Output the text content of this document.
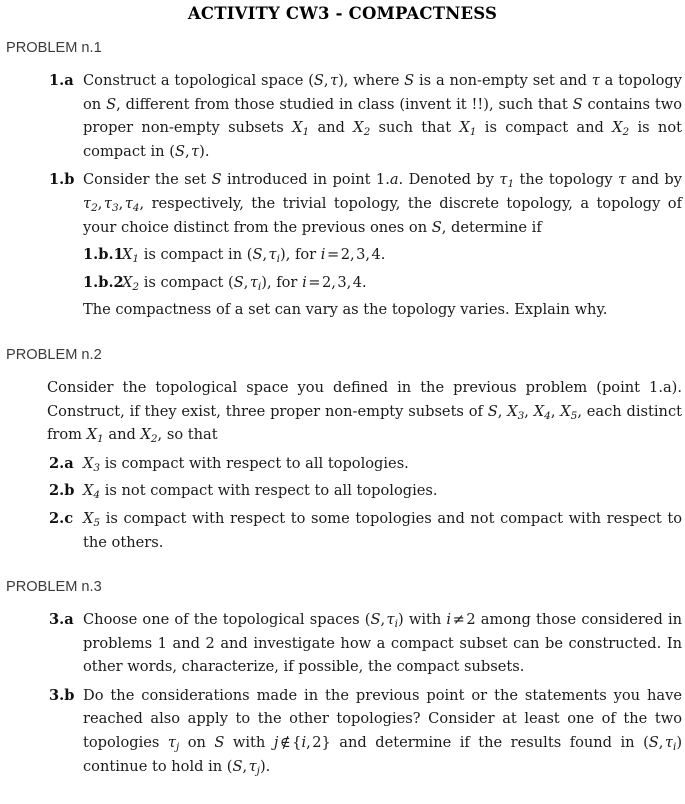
ACTIVITY CW3 - COMPACTNESS
PROBLEM n.1
1.a Construct a topological space (S, τ), where S is a non-empty set and τ a topology on S, different from those studied in class (invent it !!), such that S contains two proper non-empty subsets $X_1$ and $X_2$ such that $X_1$ is compact and $X_2$ is not compact in (S, τ).
1.b Consider the set S introduced in point 1.a. Denoted by $\tau_1$ the topology τ and by $\tau_2$, $\tau_3$, $\tau_4$, respectively, the trivial topology, the discrete topology, a topology of your choice distinct from the previous ones on S, determine if
1.b.1
$X_1$ is compact in (S, $\tau_i$), for i = 2, 3, 4.
1.b.2
$X_2$ is compact (S, $\tau_i$), for i = 2, 3, 4.
The compactness of a set can vary as the topology varies. Explain why.
PROBLEM n.2
Consider the topological space you defined in the previous problem (point 1.a). Construct, if they exist, three proper non-empty subsets of S, $X_3$, $X_4$, $X_5$, each distinct from $X_1$ and $X_2$, so that
2.a $X_3$ is compact with respect to all topologies.
2.b $X_4$ is not compact with respect to all topologies.
2.c $X_5$ is compact with respect to some topologies and not compact with respect to the others.
PROBLEM n.3
3.a Choose one of the topological spaces (S, $\tau_i$) with i ≠ 2 among those considered in problems 1 and 2 and investigate how a compact subset can be constructed. In other words, characterize, if possible, the compact subsets.
3.b Do the considerations made in the previous point or the statements you have reached also apply to the other topologies? Consider at least one of the two topologies $\tau_j$ on S with j ∉ {i, 2} and determine if the results found in (S, $\tau_i$) continue to hold in (S, $\tau_j$).
